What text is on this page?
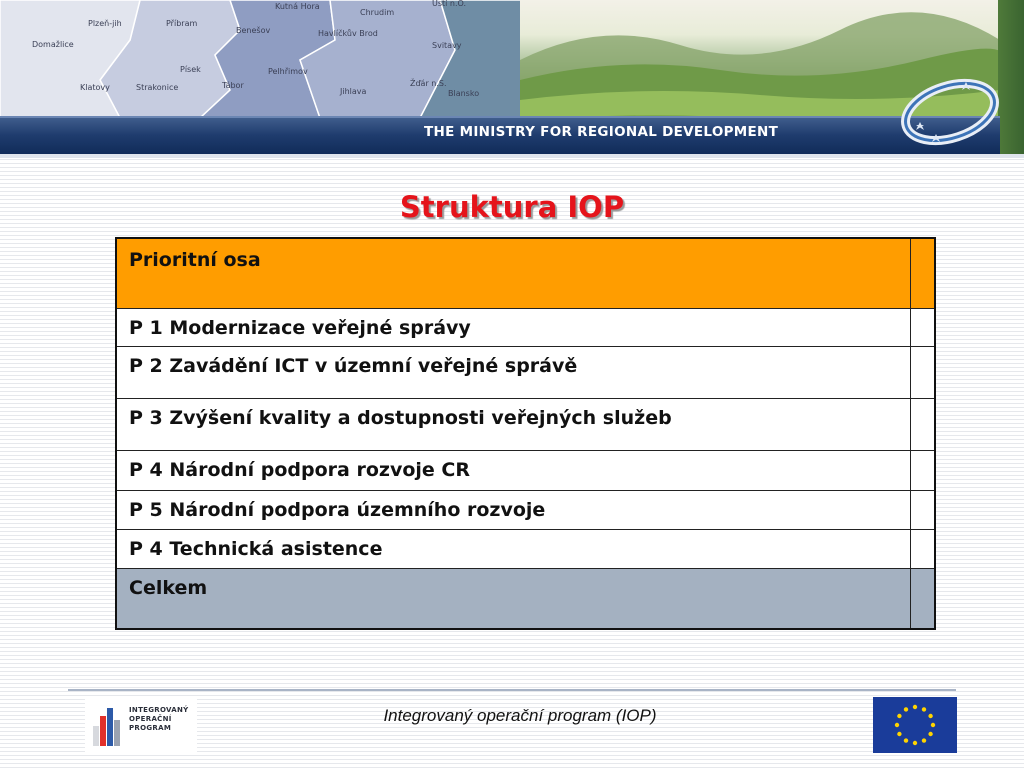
Kutná Hora
Chrudim
Ústí n.O.
Plzeň-jih	Příbram
Benešov	Havlíčkův Brod
Svitavy
Domažlice
Písek	Pelhřimov
Klatovy	Strakonice	Tábor
Jihlava
Žďár n.S.
Blansko
THE MINISTRY FOR REGIONAL DEVELOPMENT
Struktura IOP
Prioritní osa	

P 1 Modernizace veřejné správy	

P 2 Zavádění ICT v územní veřejné správě	

P 3 Zvýšení kvality a dostupnosti veřejných služeb	

P 4 Národní podpora rozvoje CR	

P 5 Národní podpora územního rozvoje	

P 4 Technická asistence	

Celkem	

INTEGROVANÝ
OPERAČNÍ
PROGRAM
Integrovaný operační program (IOP)
